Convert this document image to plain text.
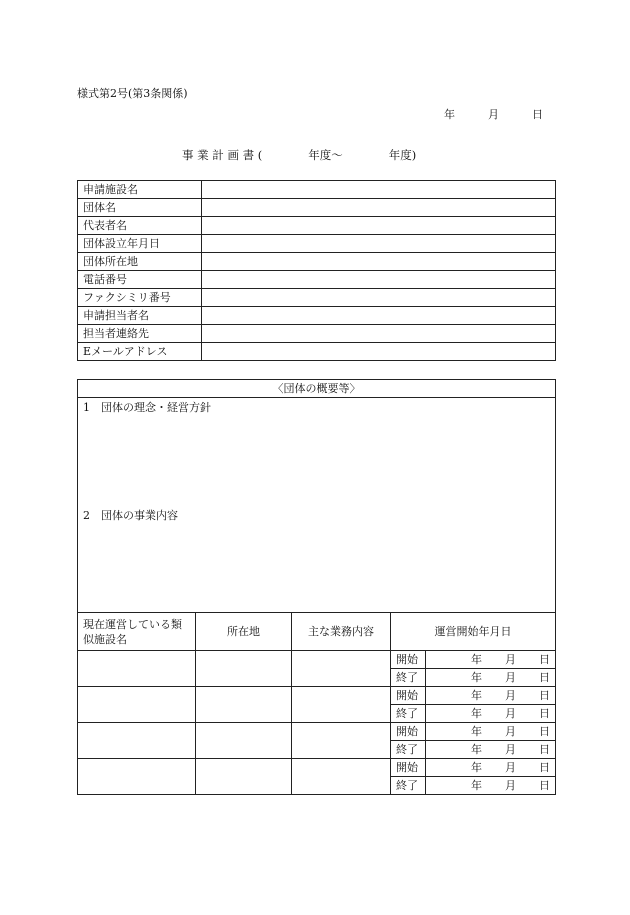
様式第2号(第3条関係)
年	月	日
事 業 計 画 書 (　　　　年度〜　　　　年度)
申請施設名	
団体名	
代表者名	
団体設立年月日	
団体所在地	
電話番号	
ファクシミリ番号	
申請担当者名	
担当者連絡先	
Eメールアドレス	
〈団体の概要等〉

1　団体の理念・経営方針
2　団体の事業内容
現在運営している類似施設名	所在地	主な業務内容	運営開始年月日	
			開始	年 月 日

			終了	年 月 日

			開始	年 月 日

			終了	年 月 日

			開始	年 月 日

			終了	年 月 日

			開始	年 月 日

			終了	年 月 日
